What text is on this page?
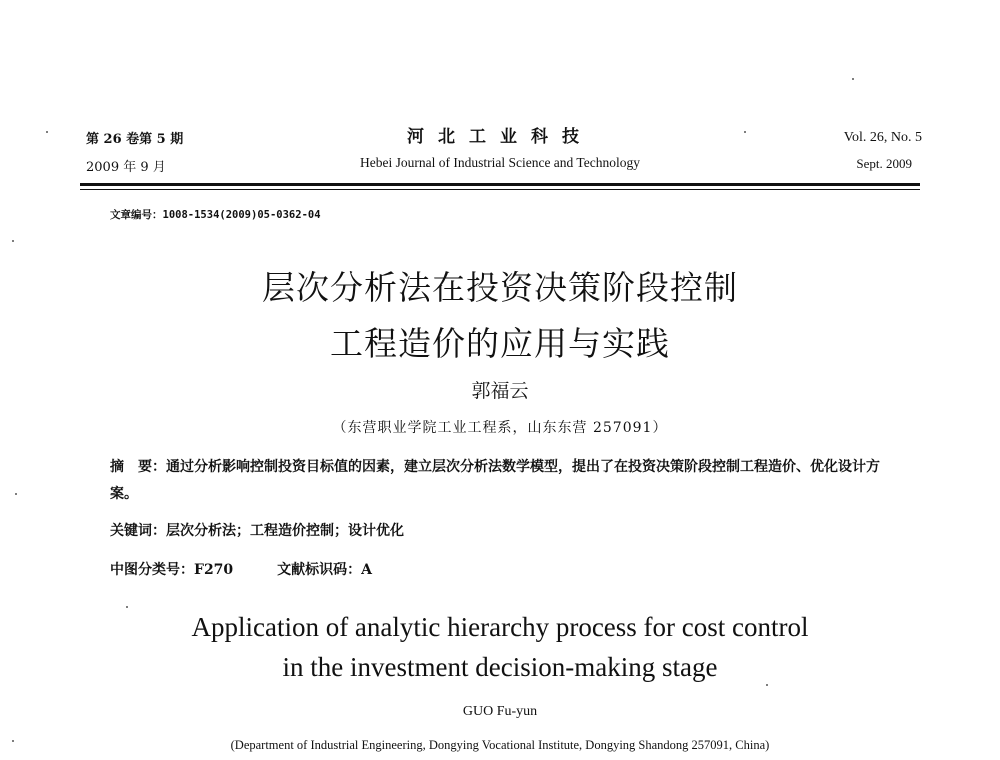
第 26 卷第 5 期
2009 年 9 月
河北工业科技
Hebei Journal of Industrial Science and Technology
Vol. 26, No. 5
Sept. 2009
文章编号：1008-1534(2009)05-0362-04
层次分析法在投资决策阶段控制
工程造价的应用与实践
郭福云
（东营职业学院工业工程系，山东东营 257091）
摘　要：通过分析影响控制投资目标值的因素，建立层次分析法数学模型，提出了在投资决策阶段控制工程造价、优化设计方案。
关键词：层次分析法；工程造价控制；设计优化
中图分类号：F270	文献标识码：A
Application of analytic hierarchy process for cost control
in the investment decision-making stage
GUO Fu-yun
(Department of Industrial Engineering, Dongying Vocational Institute, Dongying Shandong 257091, China)
